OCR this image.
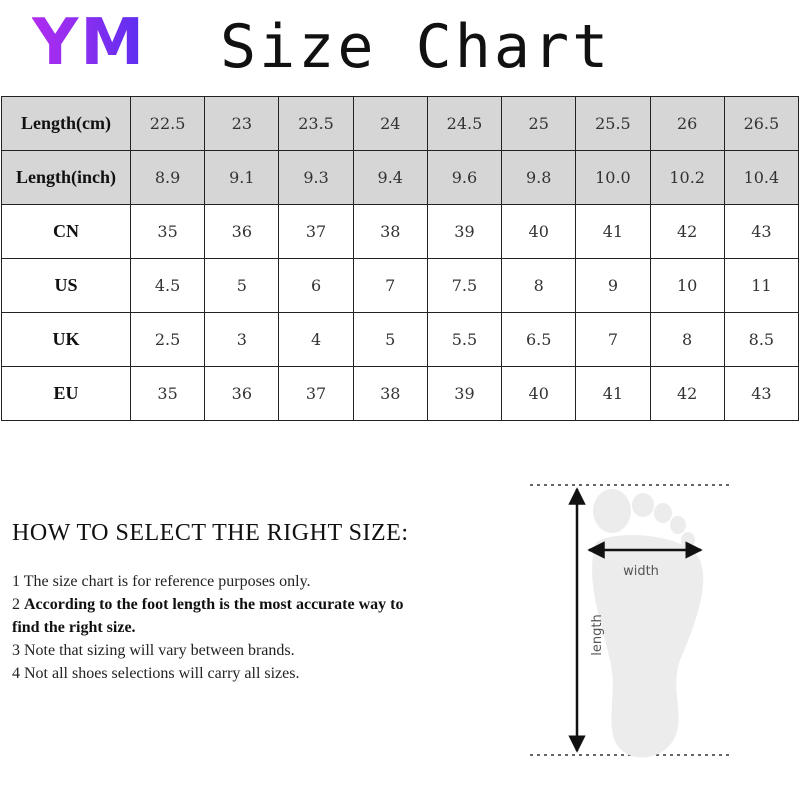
YM Size Chart
Length(cm)	22.5	23	23.5	24	24.5	25	25.5	26	26.5
Length(inch)	8.9	9.1	9.3	9.4	9.6	9.8	10.0	10.2	10.4
CN	35	36	37	38	39	40	41	42	43
US	4.5	5	6	7	7.5	8	9	10	11
UK	2.5	3	4	5	5.5	6.5	7	8	8.5
EU	35	36	37	38	39	40	41	42	43
HOW TO SELECT THE RIGHT SIZE:
1 The size chart is for reference purposes only.
2 According to the foot length is the most accurate way to find the right size.
3 Note that sizing will vary between brands.
4 Not all shoes selections will carry all sizes.
width
length
